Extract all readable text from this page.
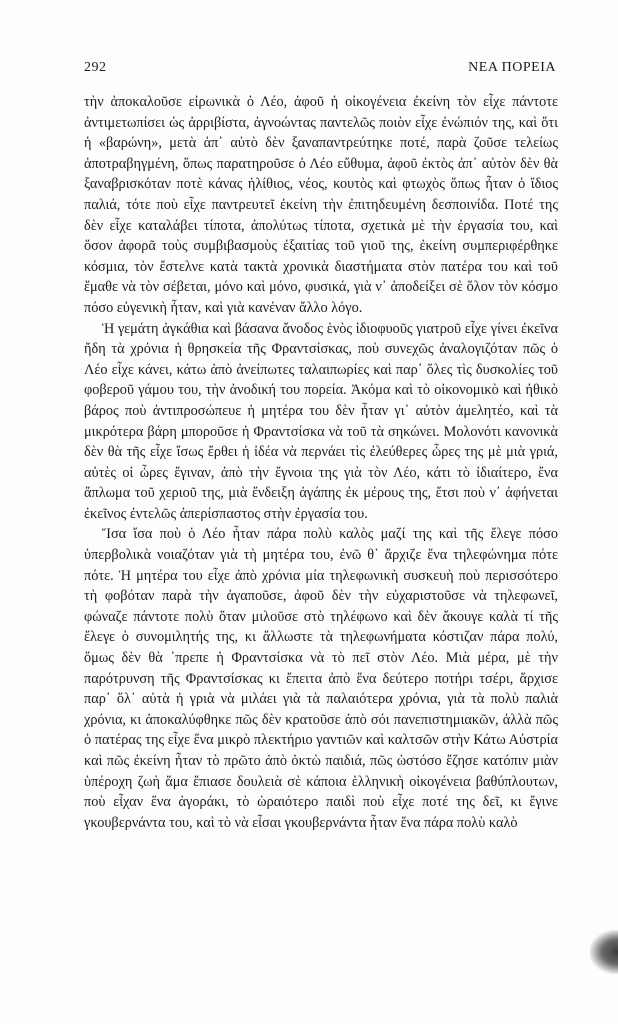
292	ΝΕΑ ΠΟΡΕΙΑ

τὴν ἀποκαλοῦσε εἰρωνικὰ ὁ Λέο, ἀφοῦ ἡ οἰκογένεια ἐκείνη τὸν εἶχε πάντοτε ἀντιμετωπίσει ὡς ἀρριβίστα, ἀγνοώντας παντελῶς ποιὸν εἶχε ἐνώπιόν της, καὶ ὅτι ἡ «βαρώνη», μετὰ ἀπ᾽ αὐτὸ δὲν ξαναπαντρεύτηκε ποτέ, παρὰ ζοῦσε τελείως ἀποτραβηγμένη, ὅπως παρατηροῦσε ὁ Λέο εὔθυμα, ἀφοῦ ἐκτὸς ἀπ᾽ αὐτὸν δὲν θὰ ξαναβρισκόταν ποτὲ κάνας ἠλίθιος, νέος, κουτὸς καὶ φτωχὸς ὅπως ἦταν ὁ ἴδιος παλιά, τότε ποὺ εἶχε παντρευτεῖ ἐκείνη τὴν ἐπιτηδευμένη δεσποινίδα. Ποτέ της δὲν εἶχε καταλάβει τίποτα, ἀπολύτως τίποτα, σχετικὰ μὲ τὴν ἐργασία του, καὶ ὅσον ἀφορᾶ τοὺς συμβιβασμοὺς ἐξαιτίας τοῦ γιοῦ της, ἐκείνη συμπεριφέρθηκε κόσμια, τὸν ἔστελνε κατὰ τακτὰ χρονικὰ διαστήματα στὸν πατέρα του καὶ τοῦ ἔμαθε νὰ τὸν σέβεται, μόνο καὶ μόνο, φυσικά, γιὰ ν᾽ ἀποδείξει σὲ ὅλον τὸν κόσμο πόσο εὐγενικὴ ἦταν, καὶ γιὰ κανέναν ἄλλο λόγο.

Ἡ γεμάτη ἀγκάθια καὶ βάσανα ἄνοδος ἑνὸς ἰδιοφυοῦς γιατροῦ εἶχε γίνει ἐκεῖνα ἤδη τὰ χρόνια ἡ θρησκεία τῆς Φραντσίσκας, ποὺ συνεχῶς ἀναλογιζόταν πῶς ὁ Λέο εἶχε κάνει, κάτω ἀπὸ ἀνείπωτες ταλαιπωρίες καὶ παρ᾽ ὅλες τὶς δυσκολίες τοῦ φοβεροῦ γάμου του, τὴν ἀνοδική του πορεία. Ἀκόμα καὶ τὸ οἰκονομικὸ καὶ ἠθικὸ βάρος ποὺ ἀντιπροσώπευε ἡ μητέρα του δὲν ἦταν γι᾽ αὐτὸν ἀμελητέο, καὶ τὰ μικρότερα βάρη μποροῦσε ἡ Φραντσίσκα νὰ τοῦ τὰ σηκώνει. Μολονότι κανονικὰ δὲν θὰ τῆς εἶχε ἴσως ἔρθει ἡ ἰδέα νὰ περνάει τὶς ἐλεύθερες ὧρες της μὲ μιὰ γριά, αὐτὲς οἱ ὧρες ἔγιναν, ἀπὸ τὴν ἔγνοια της γιὰ τὸν Λέο, κάτι τὸ ἰδιαίτερο, ἕνα ἄπλωμα τοῦ χεριοῦ της, μιὰ ἔνδειξη ἀγάπης ἐκ μέρους της, ἔτσι ποὺ ν᾽ ἀφήνεται ἐκεῖνος ἐντελῶς ἀπερίσπαστος στὴν ἐργασία του.

Ἴσα ἴσα ποὺ ὁ Λέο ἦταν πάρα πολὺ καλὸς μαζί της καὶ τῆς ἔλεγε πόσο ὑπερβολικὰ νοιαζόταν γιὰ τὴ μητέρα του, ἐνῶ θ᾽ ἄρχιζε ἕνα τηλεφώνημα πότε πότε. Ἡ μητέρα του εἶχε ἀπὸ χρόνια μία τηλεφωνικὴ συσκευὴ ποὺ περισσότερο τὴ φοβόταν παρὰ τὴν ἀγαποῦσε, ἀφοῦ δὲν τὴν εὐχαριστοῦσε νὰ τηλεφωνεῖ, φώναζε πάντοτε πολὺ ὅταν μιλοῦσε στὸ τηλέφωνο καὶ δὲν ἄκουγε καλὰ τί τῆς ἔλεγε ὁ συνομιλητής της, κι ἄλλωστε τὰ τηλεφωνήματα κόστιζαν πάρα πολύ, ὅμως δὲν θὰ ᾽πρεπε ἡ Φραντσίσκα νὰ τὸ πεῖ στὸν Λέο. Μιὰ μέρα, μὲ τὴν παρότρυνση τῆς Φραντσίσκας κι ἔπειτα ἀπὸ ἕνα δεύτερο ποτήρι τσέρι, ἄρχισε παρ᾽ ὅλ᾽ αὐτὰ ἡ γριὰ νὰ μιλάει γιὰ τὰ παλαιότερα χρόνια, γιὰ τὰ πολὺ παλιὰ χρόνια, κι ἀποκαλύφθηκε πῶς δὲν κρατοῦσε ἀπὸ σόι πανεπιστημιακῶν, ἀλλὰ πῶς ὁ πατέρας της εἶχε ἕνα μικρὸ πλεκτήριο γαντιῶν καὶ καλτσῶν στὴν Κάτω Αὐστρία καὶ πῶς ἐκείνη ἦταν τὸ πρῶτο ἀπὸ ὀκτὼ παιδιά, πῶς ὡστόσο ἔζησε κατόπιν μιὰν ὑπέροχη ζωὴ ἅμα ἔπιασε δουλειὰ σὲ κάποια ἑλληνικὴ οἰκογένεια βαθύπλουτων, ποὺ εἶχαν ἕνα ἀγοράκι, τὸ ὡραιότερο παιδὶ ποὺ εἶχε ποτέ της δεῖ, κι ἔγινε γκουβερνάντα του, καὶ τὸ νὰ εἶσαι γκουβερνάντα ἦταν ἕνα πάρα πολὺ καλὸ
